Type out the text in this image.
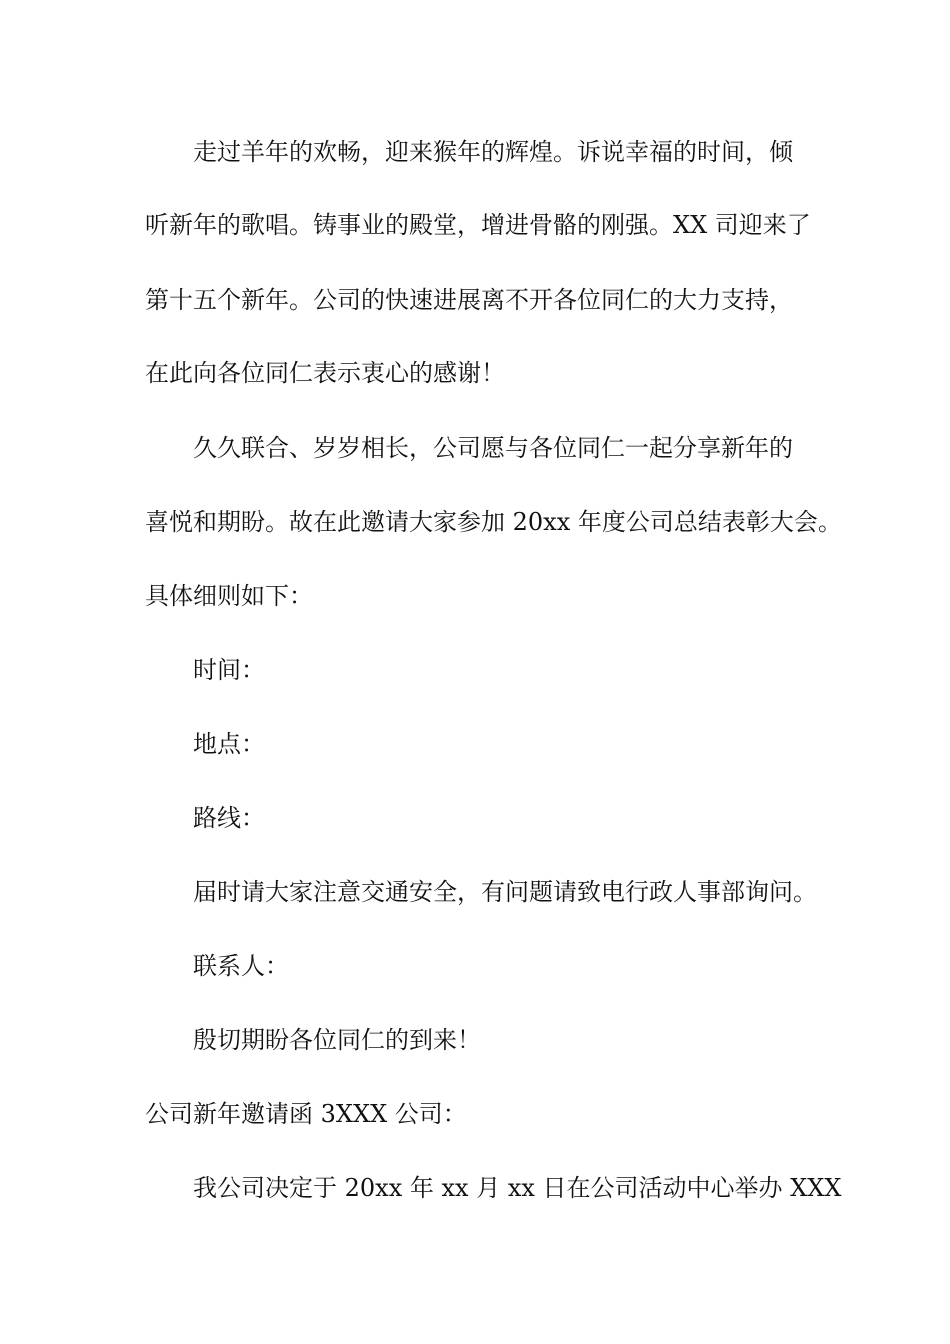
走过羊年的欢畅，迎来猴年的辉煌。诉说幸福的时间，倾
听新年的歌唱。铸事业的殿堂，增进骨骼的刚强。XX 司迎来了
第十五个新年。公司的快速进展离不开各位同仁的大力支持，
在此向各位同仁表示衷心的感谢！
久久联合、岁岁相长，公司愿与各位同仁一起分享新年的
喜悦和期盼。故在此邀请大家参加 20xx 年度公司总结表彰大会。
具体细则如下：
时间：
地点：
路线：
届时请大家注意交通安全，有问题请致电行政人事部询问。
联系人：
殷切期盼各位同仁的到来！
公司新年邀请函 3XXX 公司：
我公司决定于 20xx 年 xx 月 xx 日在公司活动中心举办 XXX
